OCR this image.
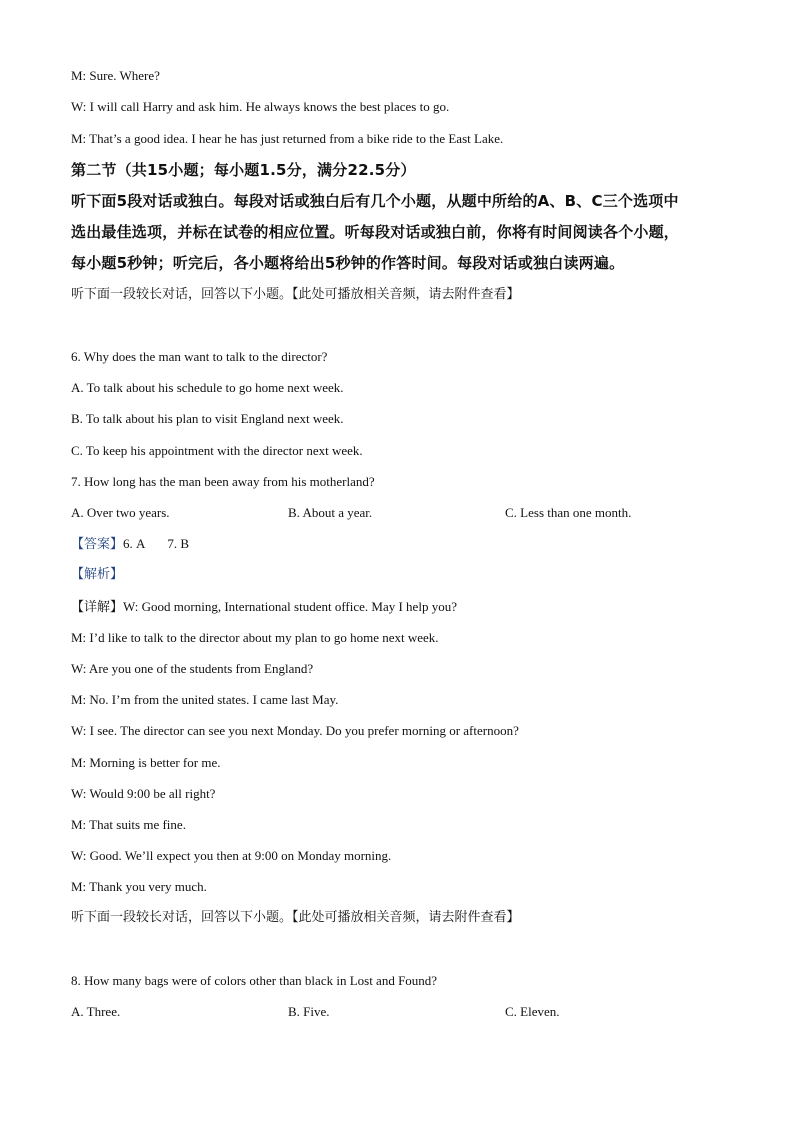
M: Sure. Where?
W: I will call Harry and ask him. He always knows the best places to go.
M: That’s a good idea. I hear he has just returned from a bike ride to the East Lake.
第二节（共15小题；每小题1.5分，满分22.5分）
听下面5段对话或独白。每段对话或独白后有几个小题，从题中所给的A、B、C三个选项中
选出最佳选项，并标在试卷的相应位置。听每段对话或独白前，你将有时间阅读各个小题，
每小题5秒钟；听完后，各小题将给出5秒钟的作答时间。每段对话或独白读两遍。
听下面一段较长对话，回答以下小题。【此处可播放相关音频，请去附件查看】
6. Why does the man want to talk to the director?
A. To talk about his schedule to go home next week.
B. To talk about his plan to visit England next week.
C. To keep his appointment with the director next week.
7. How long has the man been away from his motherland?
A. Over two years.	B. About a year.	C. Less than one month.
【答案】6. A 7. B
【解析】
【详解】W: Good morning, International student office. May I help you?
M: I’d like to talk to the director about my plan to go home next week.
W: Are you one of the students from England?
M: No. I’m from the united states. I came last May.
W: I see. The director can see you next Monday. Do you prefer morning or afternoon?
M: Morning is better for me.
W: Would 9:00 be all right?
M: That suits me fine.
W: Good. We’ll expect you then at 9:00 on Monday morning.
M: Thank you very much.
听下面一段较长对话，回答以下小题。【此处可播放相关音频，请去附件查看】
8. How many bags were of colors other than black in Lost and Found?
A. Three.	B. Five.	C. Eleven.
